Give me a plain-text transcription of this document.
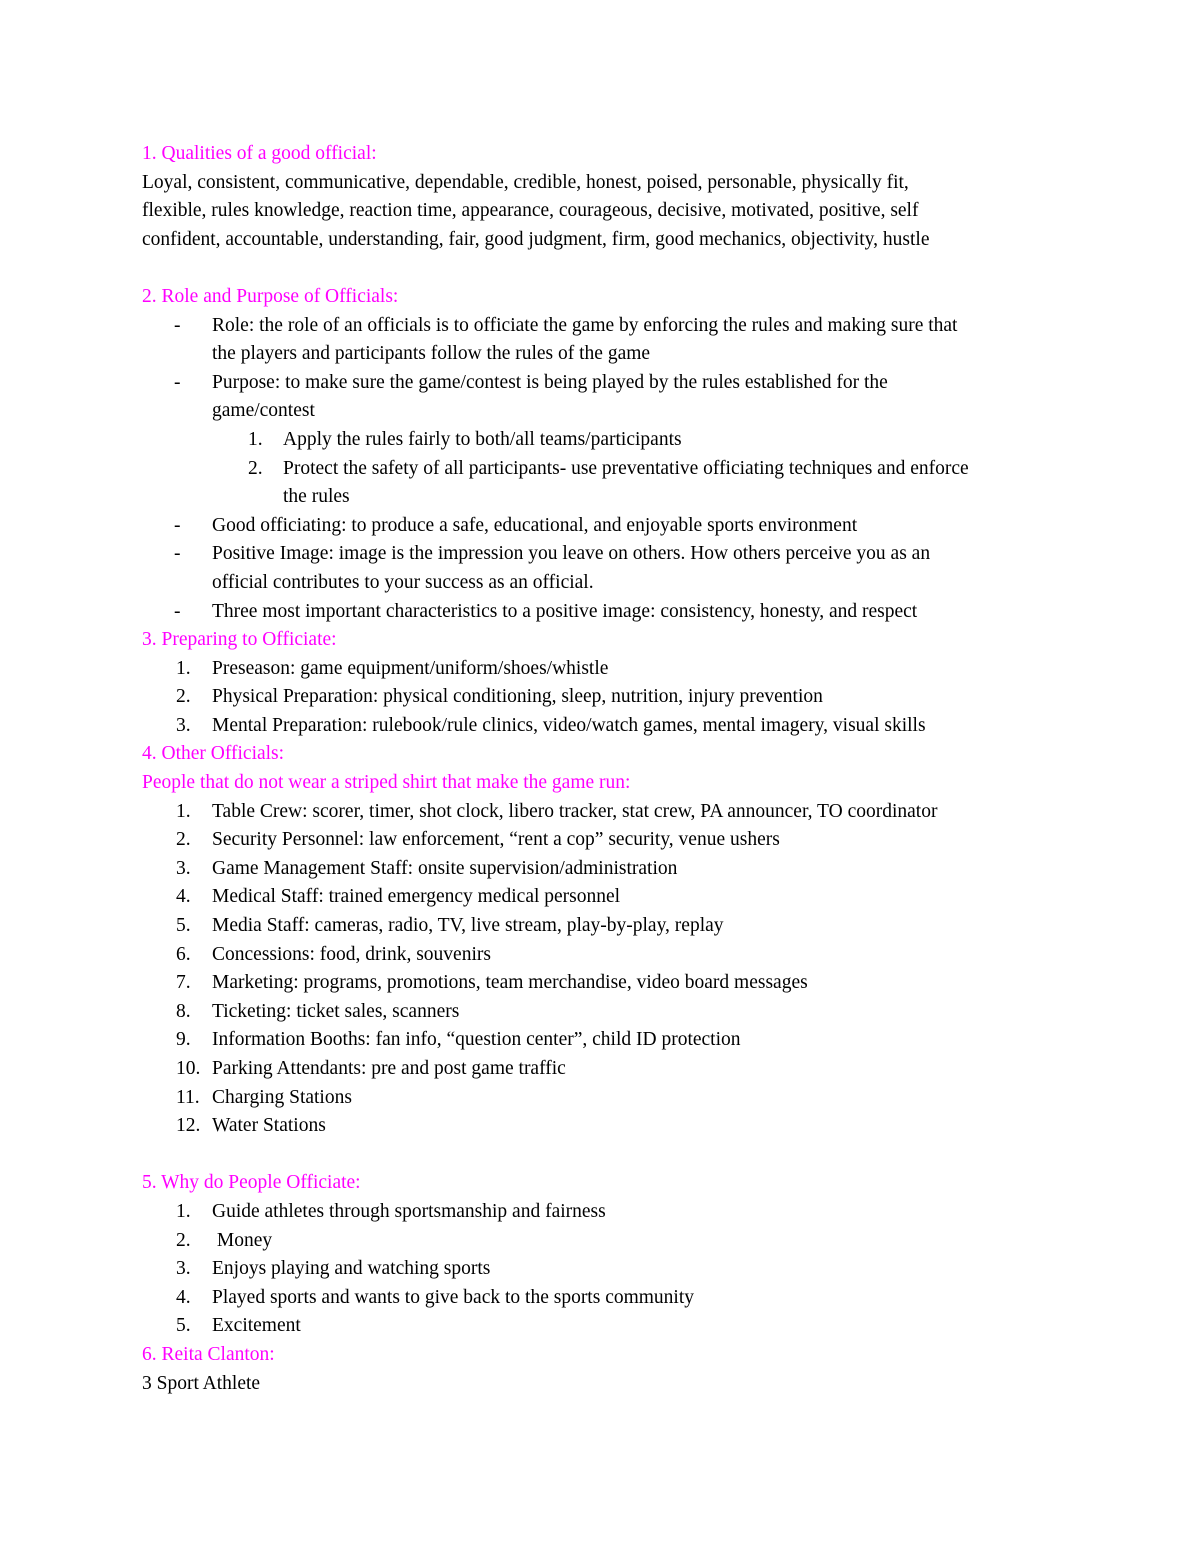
1. Qualities of a good official:
Loyal, consistent, communicative, dependable, credible, honest, poised, personable, physically fit,
flexible, rules knowledge, reaction time, appearance, courageous, decisive, motivated, positive, self
confident, accountable, understanding, fair, good judgment, firm, good mechanics, objectivity, hustle
2. Role and Purpose of Officials:
-	Role: the role of an officials is to officiate the game by enforcing the rules and making sure that
the players and participants follow the rules of the game
-	Purpose: to make sure the game/contest is being played by the rules established for the
game/contest
1.	Apply the rules fairly to both/all teams/participants
2.	Protect the safety of all participants- use preventative officiating techniques and enforce
the rules
-	Good officiating: to produce a safe, educational, and enjoyable sports environment
-	Positive Image: image is the impression you leave on others. How others perceive you as an
official contributes to your success as an official.
-	Three most important characteristics to a positive image: consistency, honesty, and respect
3. Preparing to Officiate:
1.	Preseason: game equipment/uniform/shoes/whistle
2.	Physical Preparation: physical conditioning, sleep, nutrition, injury prevention
3.	Mental Preparation: rulebook/rule clinics, video/watch games, mental imagery, visual skills
4. Other Officials:
People that do not wear a striped shirt that make the game run:
1.	Table Crew: scorer, timer, shot clock, libero tracker, stat crew, PA announcer, TO coordinator
2.	Security Personnel: law enforcement, “rent a cop” security, venue ushers
3.	Game Management Staff: onsite supervision/administration
4.	Medical Staff: trained emergency medical personnel
5.	Media Staff: cameras, radio, TV, live stream, play-by-play, replay
6.	Concessions: food, drink, souvenirs
7.	Marketing: programs, promotions, team merchandise, video board messages
8.	Ticketing: ticket sales, scanners
9.	Information Booths: fan info, “question center”, child ID protection
10. Parking Attendants: pre and post game traffic
11. Charging Stations
12. Water Stations
5. Why do People Officiate:
1.	Guide athletes through sportsmanship and fairness
2.	Money
3.	Enjoys playing and watching sports
4.	Played sports and wants to give back to the sports community
5.	Excitement
6. Reita Clanton:
3 Sport Athlete
